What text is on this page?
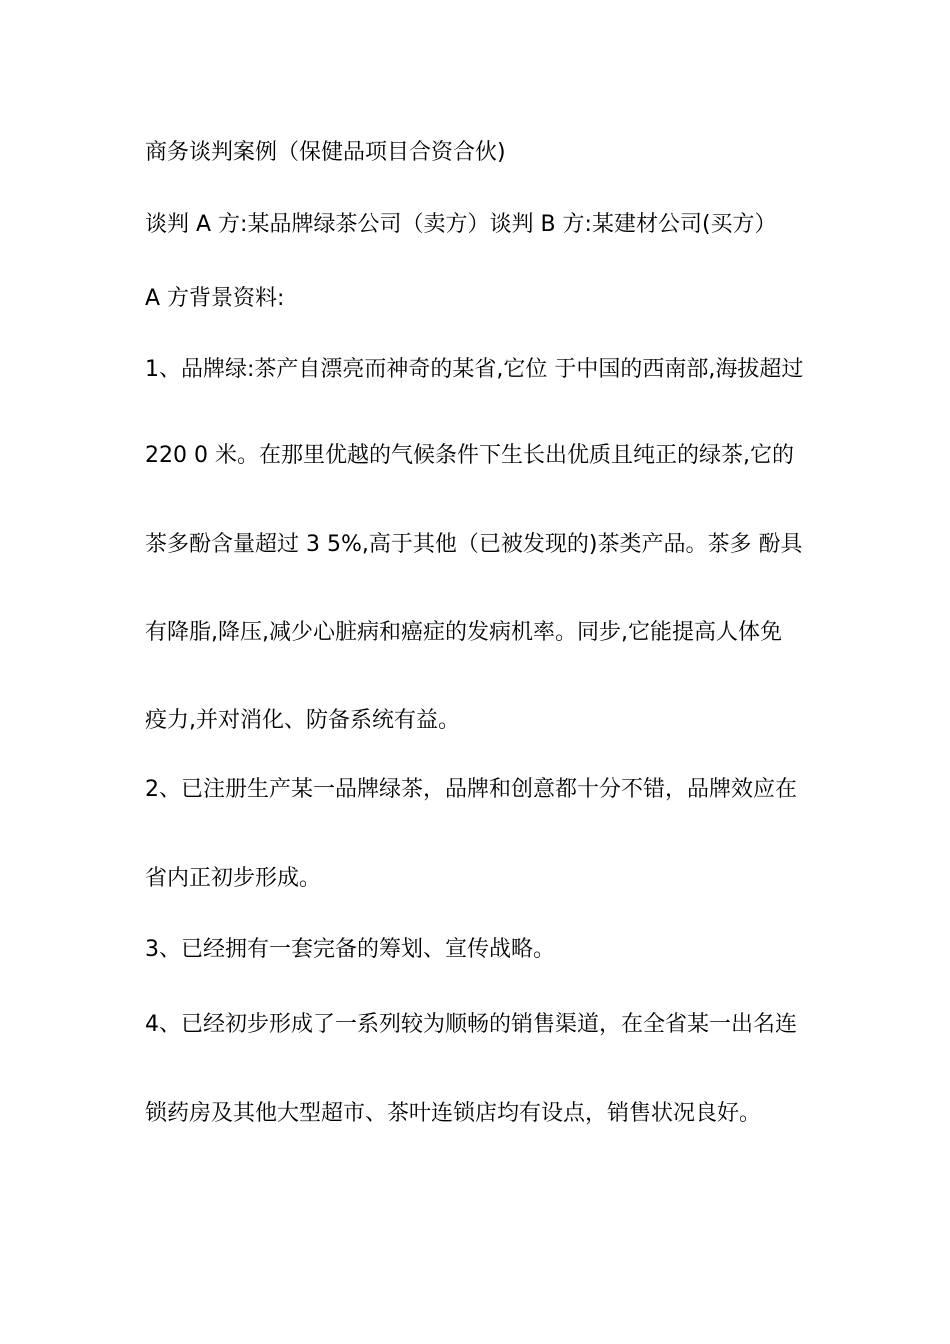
商务谈判案例（保健品项目合资合伙)
谈判 A 方:某品牌绿茶公司（卖方）谈判 B 方:某建材公司(买方）
A 方背景资料:
1、品牌绿:茶产自漂亮而神奇的某省,它位 于中国的西南部,海拔超过
220 0 米。在那里优越的气候条件下生长出优质且纯正的绿茶,它的
茶多酚含量超过 3 5%,高于其他（已被发现的)茶类产品。茶多 酚具
有降脂,降压,减少心脏病和癌症的发病机率。同步,它能提高人体免
疫力,并对消化、防备系统有益。
2、已注册生产某一品牌绿茶，品牌和创意都十分不错，品牌效应在
省内正初步形成。
3、已经拥有一套完备的筹划、宣传战略。
4、已经初步形成了一系列较为顺畅的销售渠道，在全省某一出名连
锁药房及其他大型超市、茶叶连锁店均有设点，销售状况良好。
